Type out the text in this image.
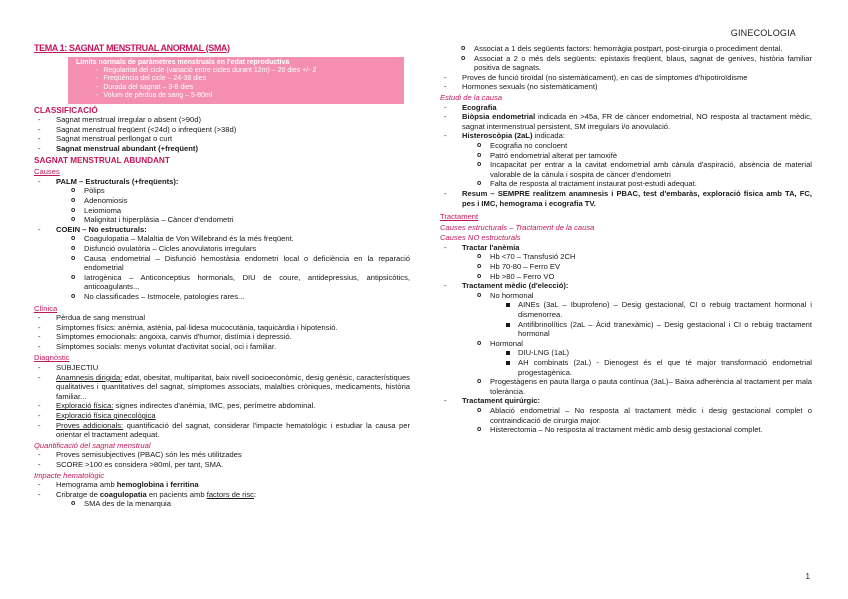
GINECOLOGIA
TEMA 1: SAGNAT MENSTRUAL ANORMAL (SMA)
Límits normals de paràmetres menstruals en l'edat reproductiva
- Regularitat del cicle (variació entre cicles durant 12m) – 20 dies +/- 2
- Freqüència del cicle – 24-38 dies
- Durada del sagnat – 3-8 dies
- Volum de pèrdua de sang – 5-80ml
CLASSIFICACIÓ
- Sagnat menstrual irregular o absent (>90d)
- Sagnat menstrual freqüent (<24d) o infreqüent (>38d)
- Sagnat menstrual perllongat o curt
- Sagnat menstrual abundant (+freqüent)
SAGNAT MENSTRUAL ABUNDANT
Causes
- PALM – Estructurals (+freqüents):
o Pòlips
o Adenomiosis
o Leiomioma
o Malignitat i hiperplàsia – Càncer d'endometri
- COEIN – No estructurals:
o Coagulopatia – Malaltia de Von Willebrand és la més freqüent.
o Disfunció ovulatòria – Cicles anovulatoris irregulars
o Causa endometrial – Disfunció hemostàsia endometri local o deficiència en la reparació endometrial
o Iatrogènica – Anticonceptius hormonals, DIU de coure, antidepressius, antipsicòtics, anticoagulants...
o No classificades – Istmocele, patologies rares...
Clínica
- Pèrdua de sang menstrual
- Símptomes físics: anèmia, astènia, pal·lidesa mucocutània, taquicàrdia i hipotensió.
- Símptomes emocionals: angoixa, canvis d'humor, distímia i depressió.
- Símptomes socials: menys voluntat d'activitat social, oci i familiar.
Diagnòstic
- SUBJECTIU
- Anamnesis dirigida: edat, obesitat, multiparitat, baix nivell socioeconòmic, desig genèsic, característiques qualitatives i quantitatives del sagnat, símptomes associats, malalties cròniques, medicaments, història familiar...
- Exploració física: signes indirectes d'anèmia, IMC, pes, perímetre abdominal.
- Exploració física ginecològica
- Proves addicionals: quantificació del sagnat, considerar l'impacte hematològic i estudiar la causa per orientar el tractament adequat.
Quantificació del sagnat menstrual
- Proves semisubjectives (PBAC) són les més utilitzades
- SCORE >100 es considera >80ml, per tant, SMA.
Impacte hematològic
- Hemograma amb hemoglobina i ferritina
- Cribratge de coagulopatia en pacients amb factors de risc:
o SMA des de la menarquia
o Associat a 1 dels següents factors: hemorràgia postpart, post-cirurgia o procediment dental.
o Associat a 2 o més dels següents: epistaxis freqüent, blaus, sagnat de genives, història familiar positiva de sagnats.
- Proves de funció tiroïdal (no sistemàticament), en cas de símptomes d'hipotiroïdisme
- Hormones sexuals (no sistemàticament)
Estudi de la causa
- Ecografia
- Biòpsia endometrial indicada en >45a, FR de càncer endometrial, NO resposta al tractament mèdic, sagnat intermenstrual persistent, SM irregulars i/o anovulació.
- Histeroscòpia (2aL) indicada:
o Ecografia no concloent
o Patró endometrial alterat per tamoxifè
o Incapacitat per entrar a la cavitat endometrial amb cànula d'aspiració, absència de material valorable de la cànula i sospita de càncer d'endometri
o Falta de resposta al tractament instaurat post-estudi adequat.
- Resum – SEMPRE realitzem anamnesis i PBAC, test d'embaràs, exploració física amb TA, FC, pes i IMC, hemograma i ecografia TV.
Tractament
Causes estructurals – Tractament de la causa
Causes NO estructurals
- Tractar l'anèmia
o Hb <70 – Transfusió 2CH
o Hb 70-80 – Ferro EV
o Hb >80 – Ferro VO
- Tractament mèdic (d'elecció):
o No hormonal
AINEs (3aL – Ibuprofeno) – Desig gestacional, CI o rebuig tractament hormonal i dismenorrea.
Antifibrinolítics (2aL – Àcid tranexàmic) – Desig gestacional i CI o rebuig tractament hormonal
o Hormonal
DIU-LNG (1aL)
AH combinats (2aL) - Dienogest és el que té major transformació endometrial progestagènica.
o Progestàgens en pauta llarga o pauta contínua (3aL)– Baixa adherència al tractament per mala tolerància.
- Tractament quirúrgic:
o Ablació endometrial – No resposta al tractament mèdic i desig gestacional complet o contraindicació de cirurgia major.
o Histerectomia – No resposta al tractament mèdic amb desig gestacional complet.
1
